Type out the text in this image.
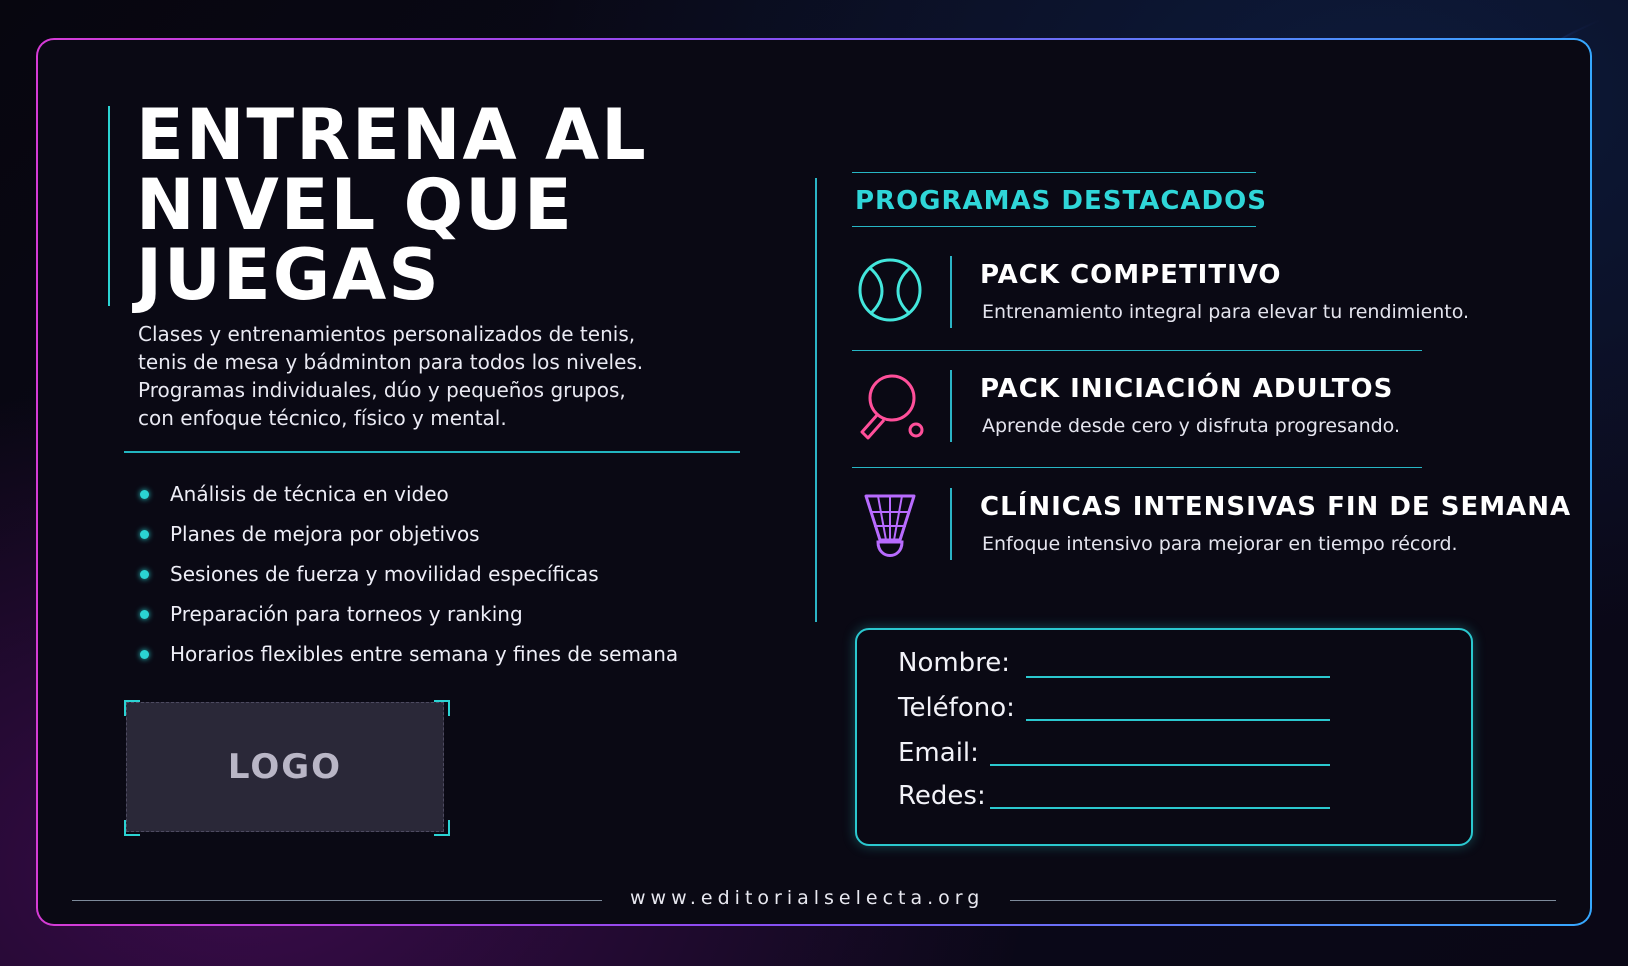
ENTRENA AL
NIVEL QUE
JUEGAS
Clases y entrenamientos personalizados de tenis,
tenis de mesa y bádminton para todos los niveles.
Programas individuales, dúo y pequeños grupos,
con enfoque técnico, físico y mental.
Análisis de técnica en video
Planes de mejora por objetivos
Sesiones de fuerza y movilidad específicas
Preparación para torneos y ranking
Horarios flexibles entre semana y fines de semana
LOGO
PROGRAMAS DESTACADOS
PACK COMPETITIVO
Entrenamiento integral para elevar tu rendimiento.
PACK INICIACIÓN ADULTOS
Aprende desde cero y disfruta progresando.
CLÍNICAS INTENSIVAS FIN DE SEMANA
Enfoque intensivo para mejorar en tiempo récord.
Nombre:
Teléfono:
Email:
Redes:
www.editorialselecta.org
